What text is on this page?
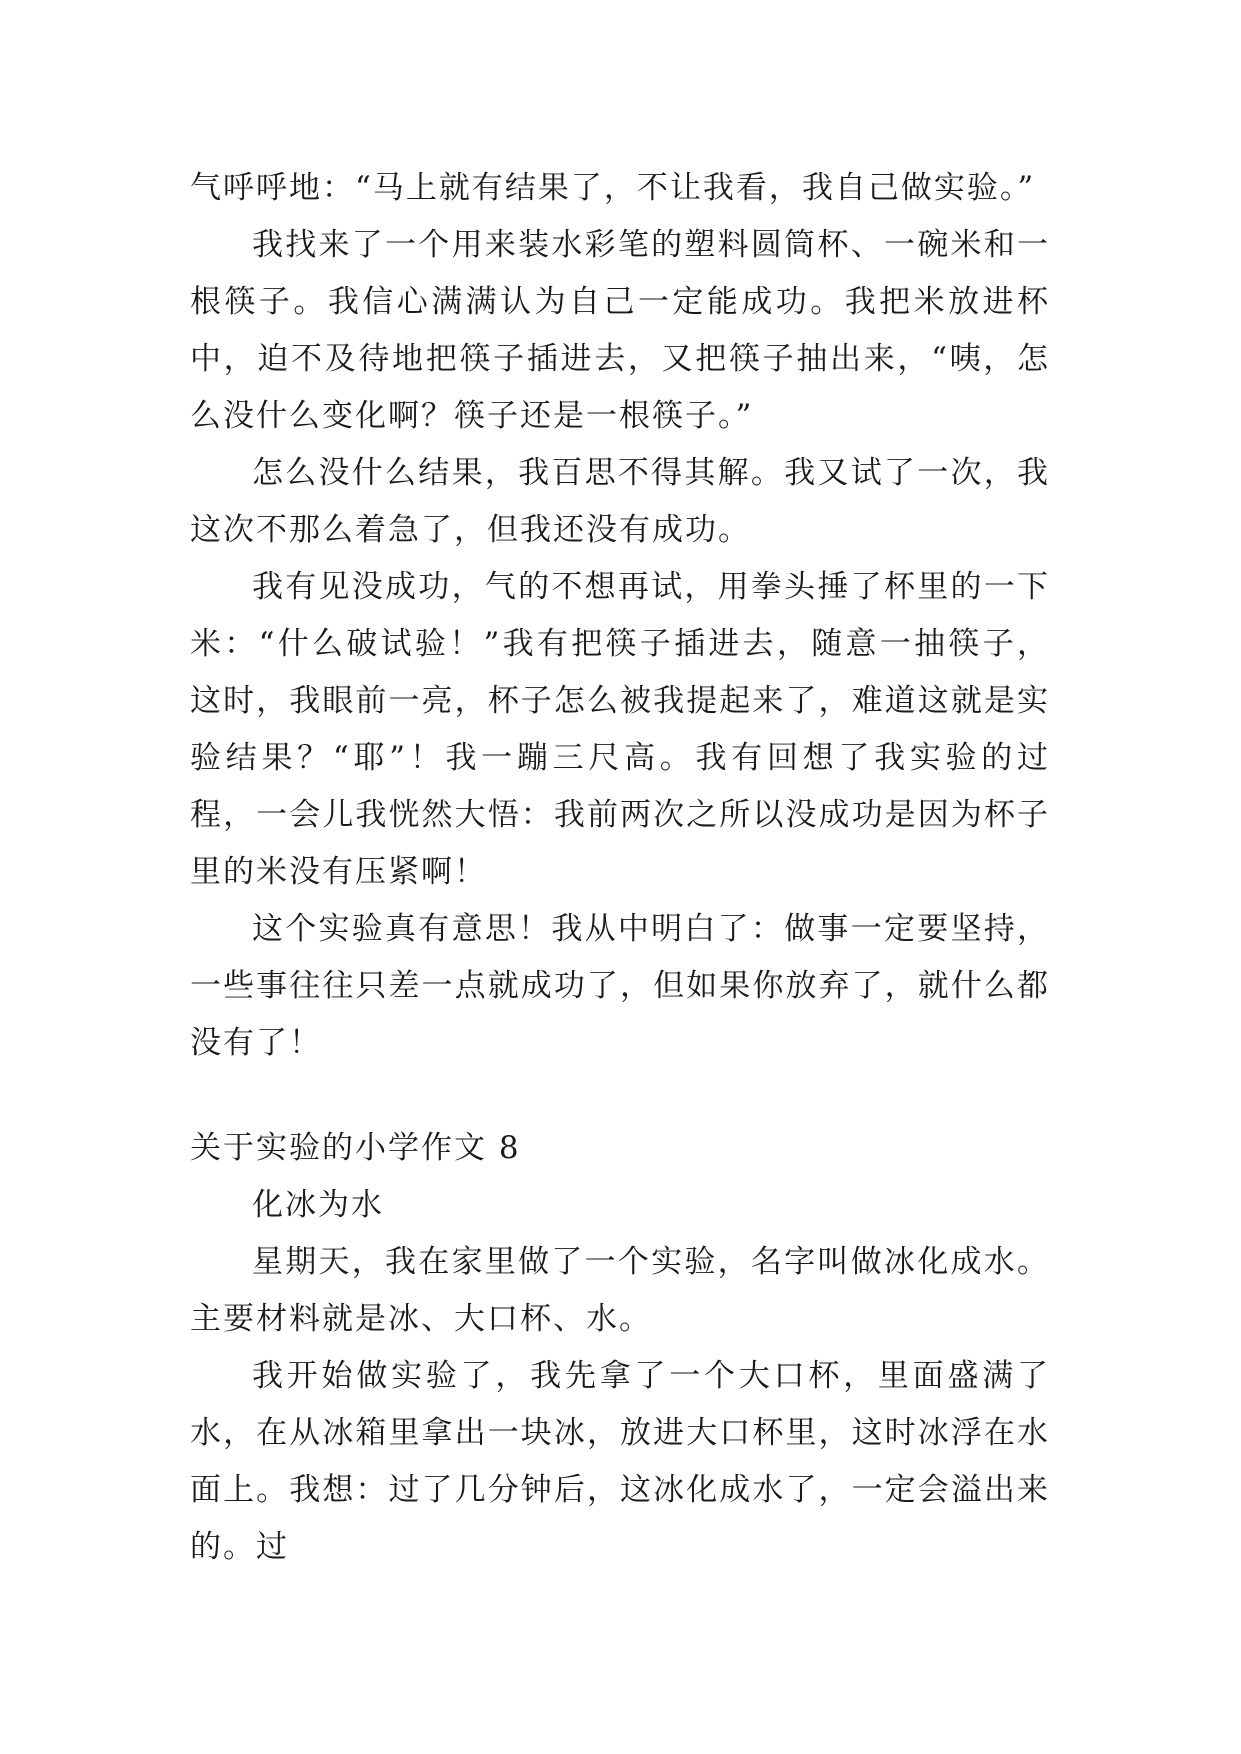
气呼呼地：“马上就有结果了，不让我看，我自己做实验。”

我找来了一个用来装水彩笔的塑料圆筒杯、一碗米和一根筷子。我信心满满认为自己一定能成功。我把米放进杯中，迫不及待地把筷子插进去，又把筷子抽出来，“咦，怎么没什么变化啊？筷子还是一根筷子。”

怎么没什么结果，我百思不得其解。我又试了一次，我这次不那么着急了，但我还没有成功。

我有见没成功，气的不想再试，用拳头捶了杯里的一下米：“什么破试验！”我有把筷子插进去，随意一抽筷子，这时，我眼前一亮，杯子怎么被我提起来了，难道这就是实验结果？“耶”！我一蹦三尺高。我有回想了我实验的过程，一会儿我恍然大悟：我前两次之所以没成功是因为杯子里的米没有压紧啊！

这个实验真有意思！我从中明白了：做事一定要坚持，一些事往往只差一点就成功了，但如果你放弃了，就什么都没有了！

关于实验的小学作文 8

化冰为水

星期天，我在家里做了一个实验，名字叫做冰化成水。主要材料就是冰、大口杯、水。

我开始做实验了，我先拿了一个大口杯，里面盛满了水，在从冰箱里拿出一块冰，放进大口杯里，这时冰浮在水面上。我想：过了几分钟后，这冰化成水了，一定会溢出来的。过
